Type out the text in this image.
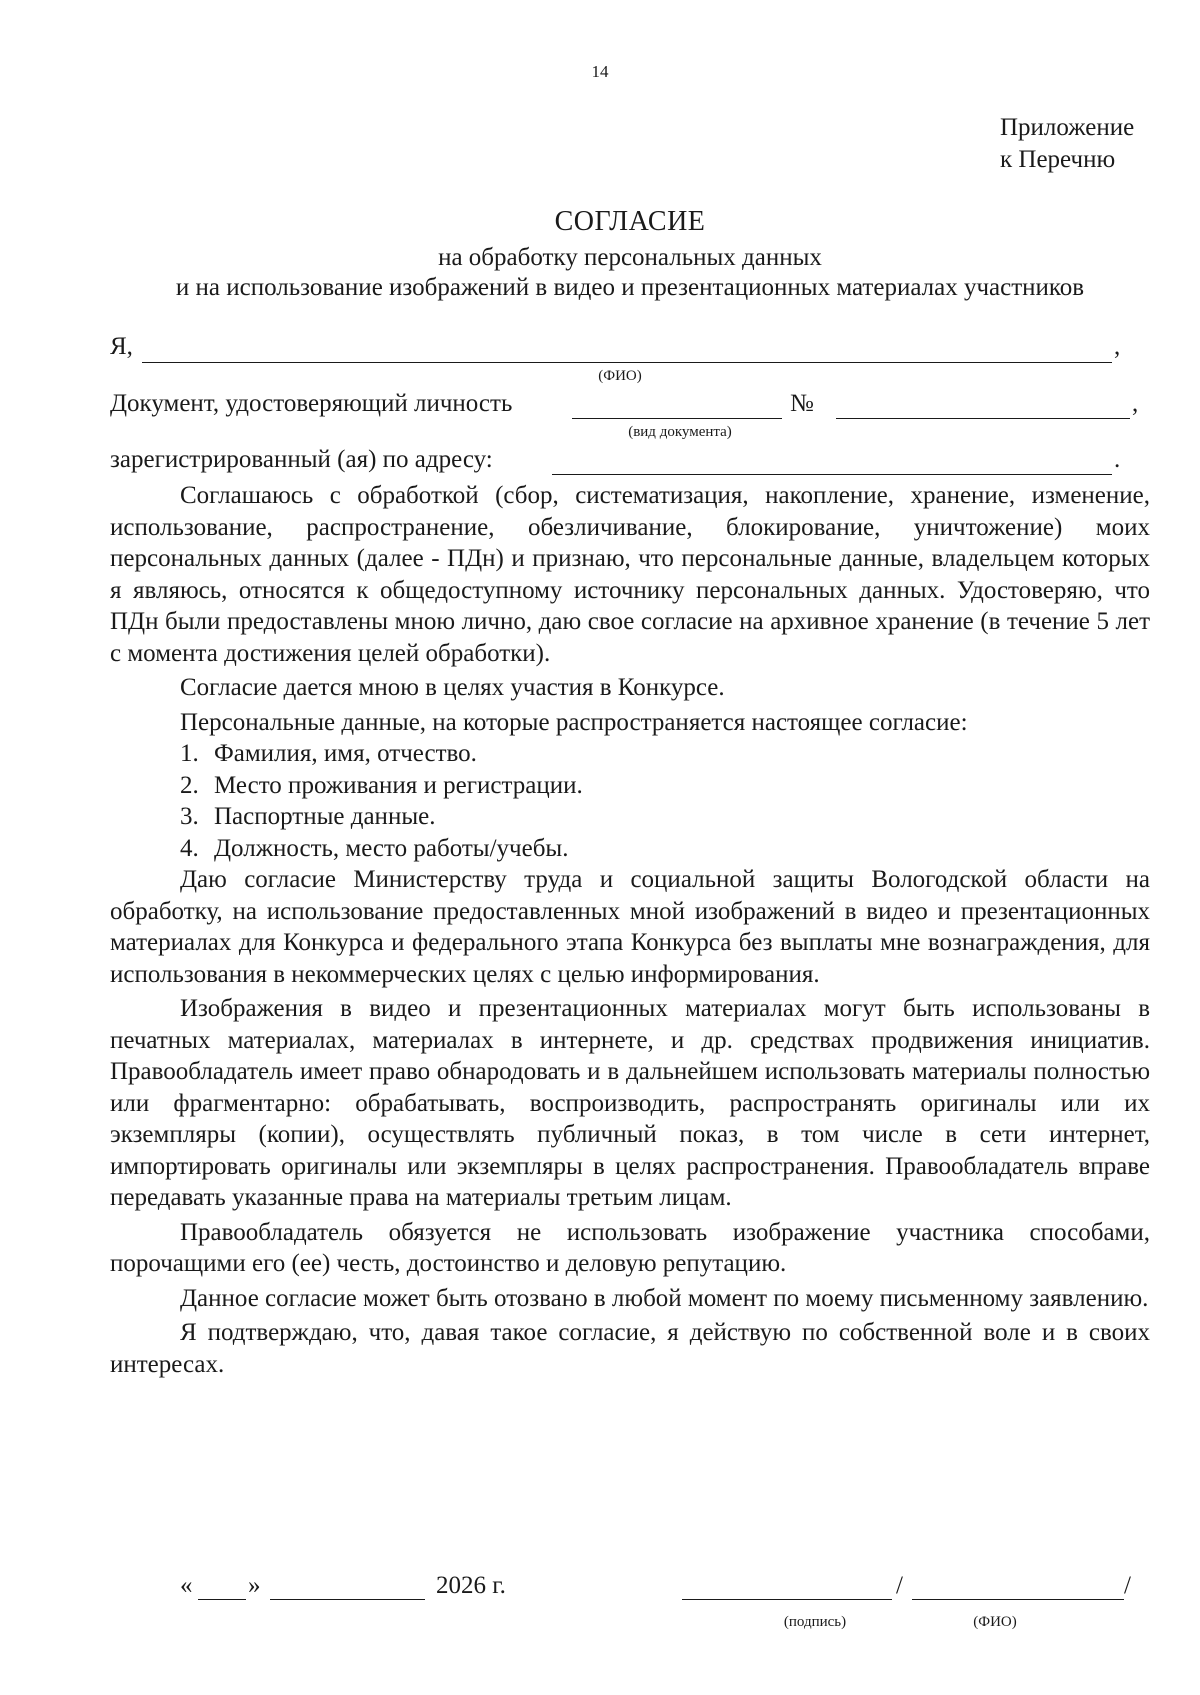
14
Приложение
к Перечню
СОГЛАСИЕ
на обработку персональных данных
и на использование изображений в видео и презентационных материалах участников
Я,	,
(ФИО)
Документ, удостоверяющий личность	№	,
(вид документа)
зарегистрированный (ая) по адресу:	.

Соглашаюсь с обработкой (сбор, систематизация, накопление, хранение, изменение, использование, распространение, обезличивание, блокирование, уничтожение) моих персональных данных (далее - ПДн) и признаю, что персональные данные, владельцем которых я являюсь, относятся к общедоступному источнику персональных данных. Удостоверяю, что ПДн были предоставлены мною лично, даю свое согласие на архивное хранение (в течение 5 лет с момента достижения целей обработки).

Согласие дается мною в целях участия в Конкурсе.

Персональные данные, на которые распространяется настоящее согласие:

1. Фамилия, имя, отчество.
2. Место проживания и регистрации.
3. Паспортные данные.
4. Должность, место работы/учебы.

Даю согласие Министерству труда и социальной защиты Вологодской области на обработку, на использование предоставленных мной изображений в видео и презентационных материалах для Конкурса и федерального этапа Конкурса без выплаты мне вознаграждения, для использования в некоммерческих целях с целью информирования.

Изображения в видео и презентационных материалах могут быть использованы в печатных материалах, материалах в интернете, и др. средствах продвижения инициатив. Правообладатель имеет право обнародовать и в дальнейшем использовать материалы полностью или фрагментарно: обрабатывать, воспроизводить, распространять оригиналы или их экземпляры (копии), осуществлять публичный показ, в том числе в сети интернет, импортировать оригиналы или экземпляры в целях распространения. Правообладатель вправе передавать указанные права на материалы третьим лицам.

Правообладатель обязуется не использовать изображение участника способами, порочащими его (ее) честь, достоинство и деловую репутацию.

Данное согласие может быть отозвано в любой момент по моему письменному заявлению.

Я подтверждаю, что, давая такое согласие, я действую по собственной воле и в своих интересах.

« »	2026 г.	/	/
(подпись)	(ФИО)
